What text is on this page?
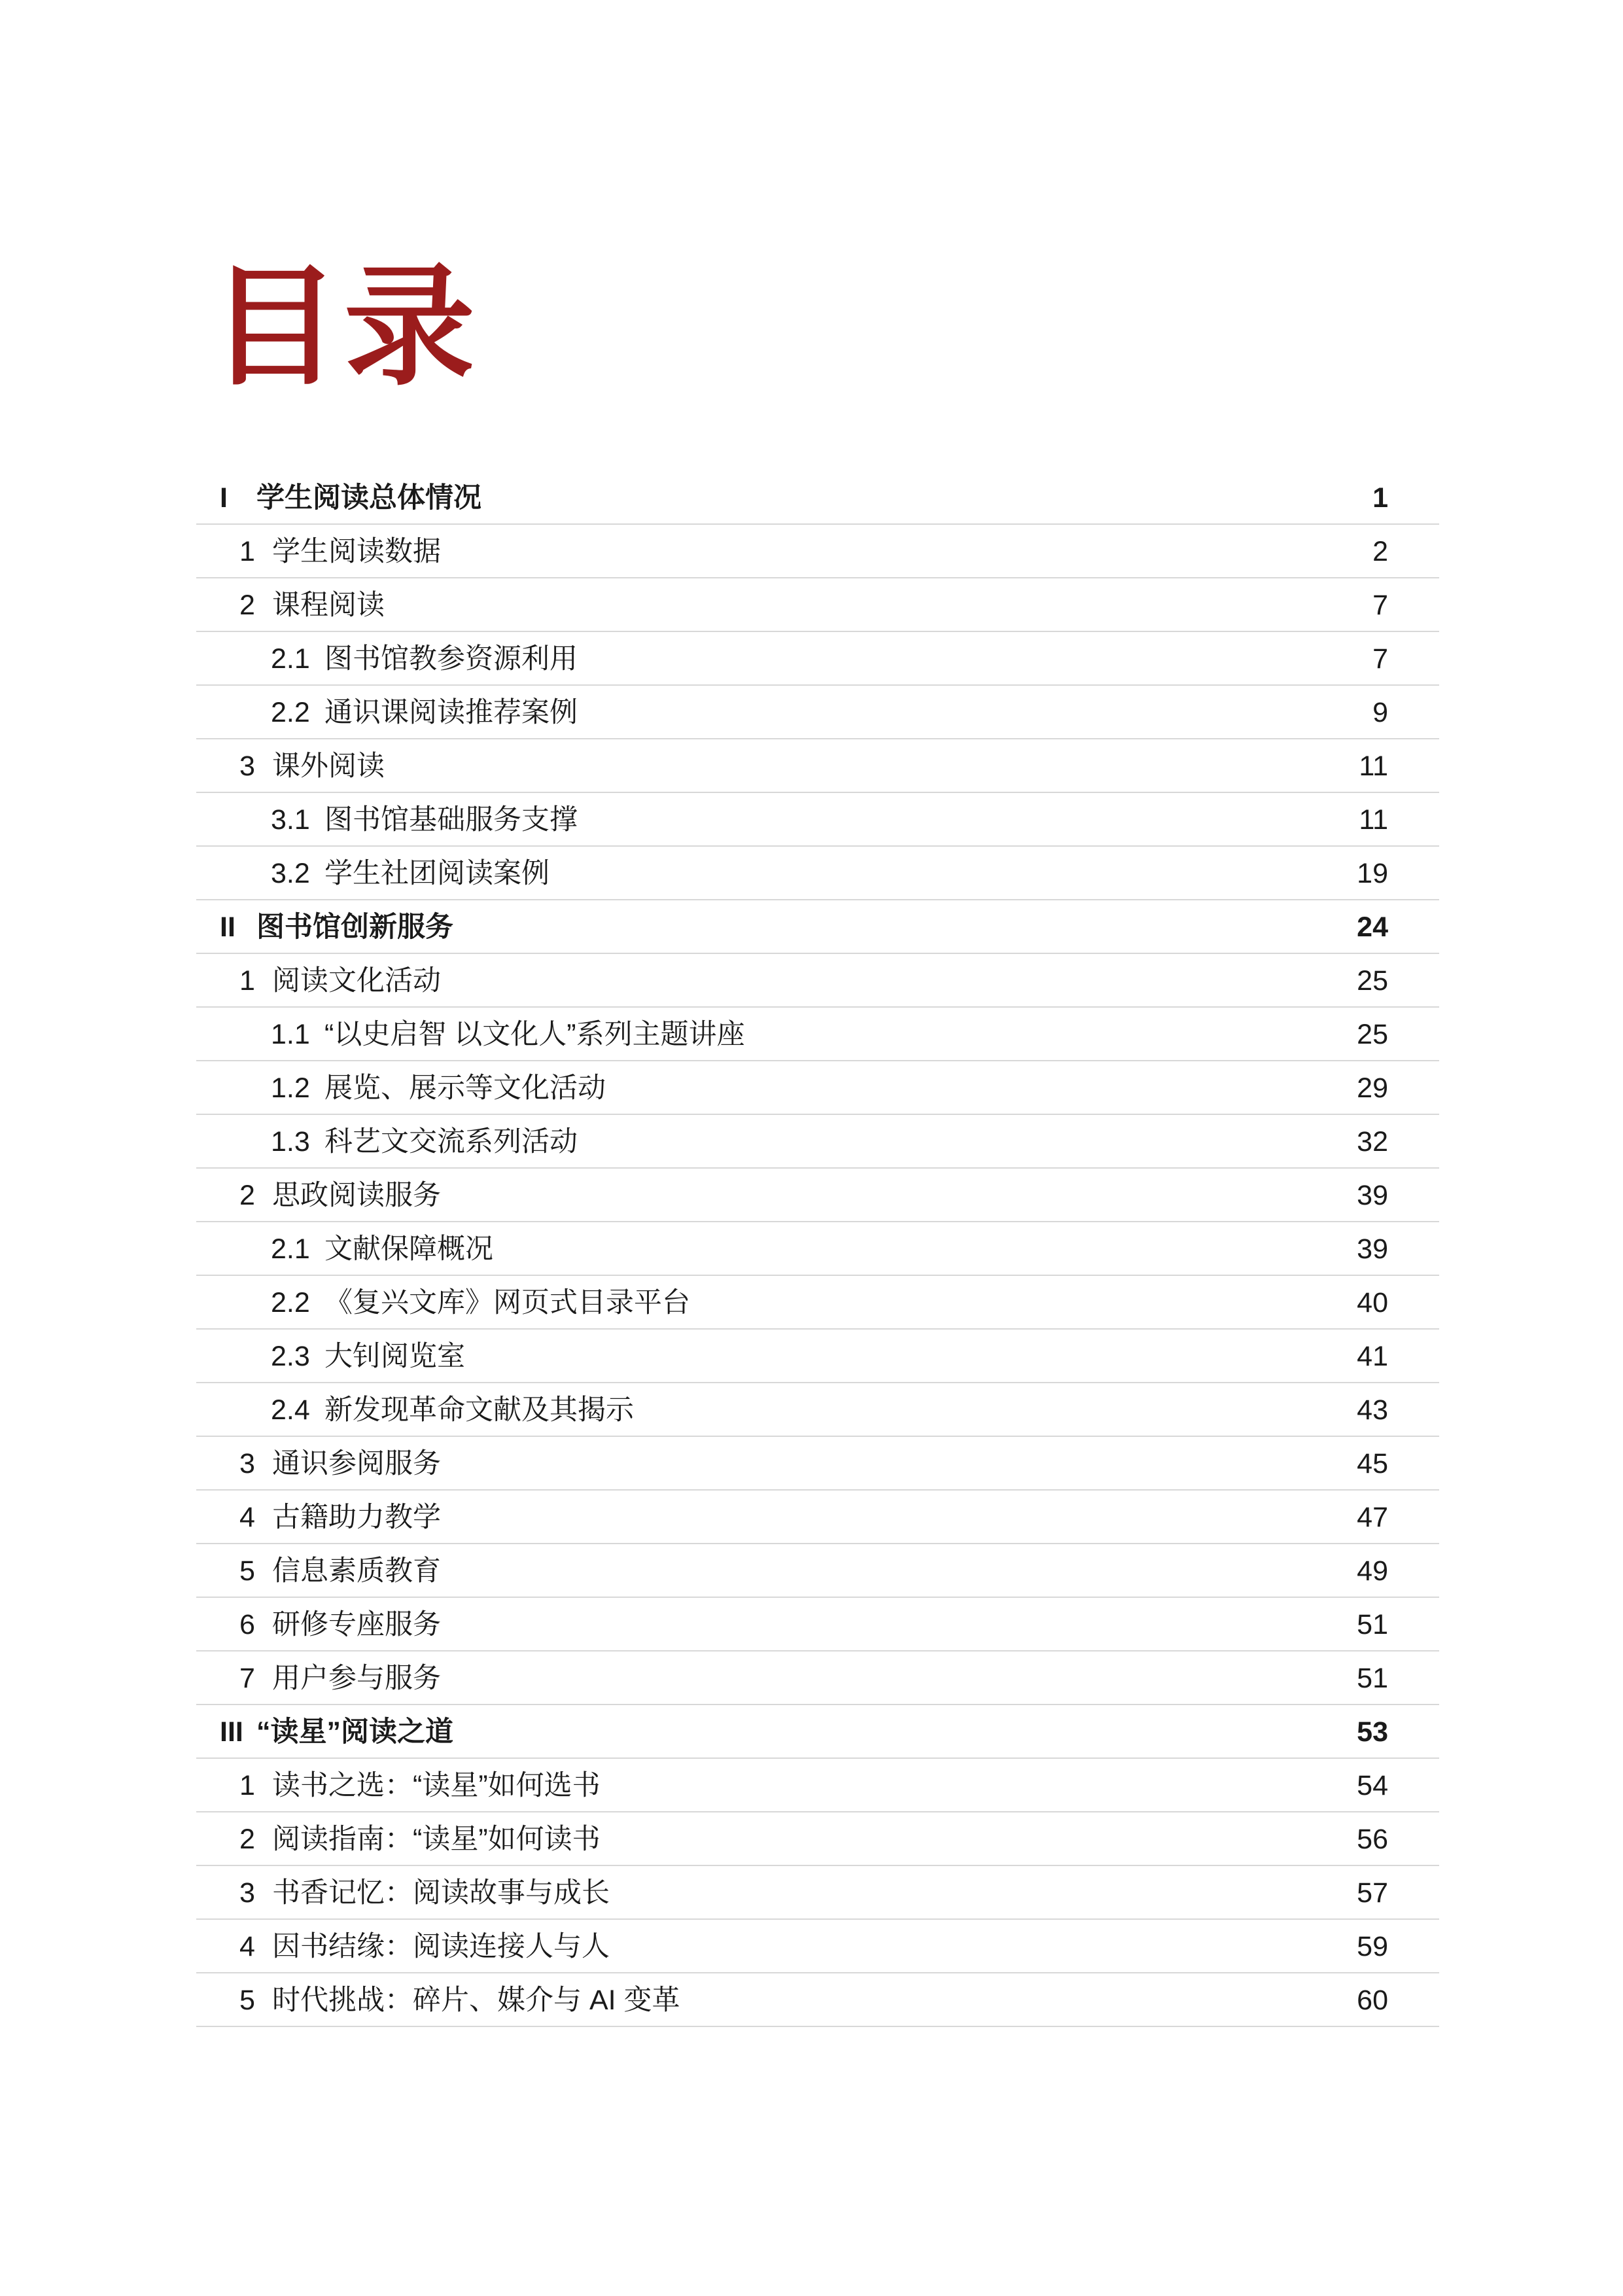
目录
I 学生阅读总体情况	1
1 学生阅读数据	2
2 课程阅读	7
2.1 图书馆教参资源利用	7
2.2 通识课阅读推荐案例	9
3 课外阅读	11
3.1 图书馆基础服务支撑	11
3.2 学生社团阅读案例	19
II 图书馆创新服务	24
1 阅读文化活动	25
1.1 “以史启智 以文化人”系列主题讲座	25
1.2 展览、展示等文化活动	29
1.3 科艺文交流系列活动	32
2 思政阅读服务	39
2.1 文献保障概况	39
2.2 《复兴文库》网页式目录平台	40
2.3 大钊阅览室	41
2.4 新发现革命文献及其揭示	43
3 通识参阅服务	45
4 古籍助力教学	47
5 信息素质教育	49
6 研修专座服务	51
7 用户参与服务	51
III “读星”阅读之道	53
1 读书之选：“读星”如何选书	54
2 阅读指南：“读星”如何读书	56
3 书香记忆：阅读故事与成长	57
4 因书结缘：阅读连接人与人	59
5 时代挑战：碎片、媒介与 AI 变革	60
